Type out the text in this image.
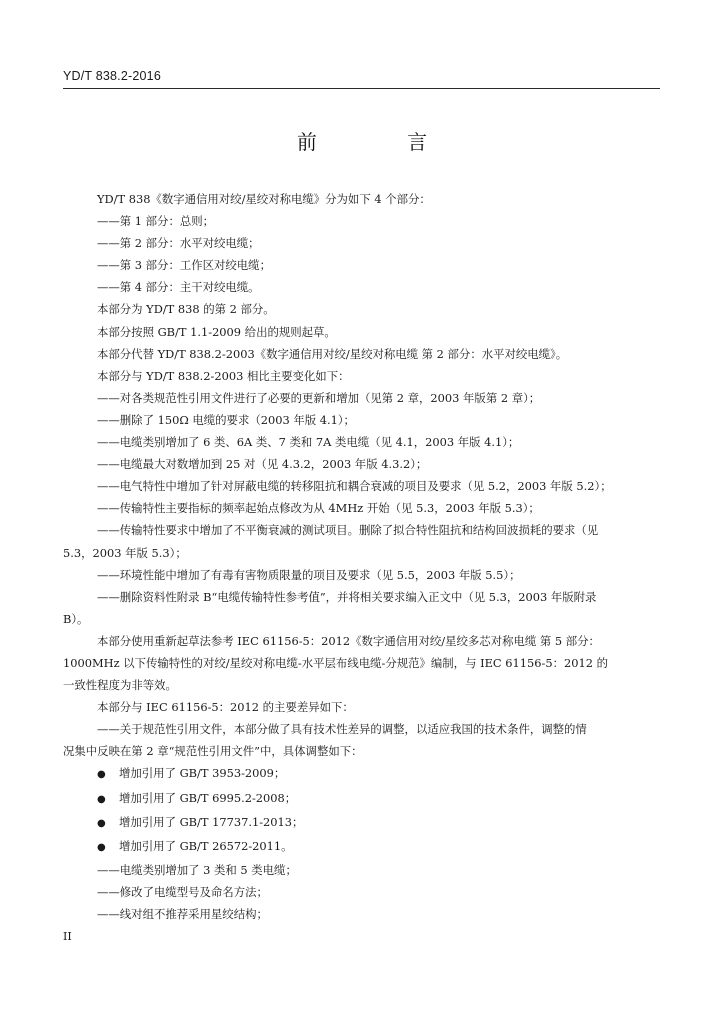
YD/T 838.2-2016
前 言
YD/T 838《数字通信用对绞/星绞对称电缆》分为如下 4 个部分：
——第 1 部分：总则；
——第 2 部分：水平对绞电缆；
——第 3 部分：工作区对绞电缆；
——第 4 部分：主干对绞电缆。
本部分为 YD/T 838 的第 2 部分。
本部分按照 GB/T 1.1-2009 给出的规则起草。
本部分代替 YD/T 838.2-2003《数字通信用对绞/星绞对称电缆 第 2 部分：水平对绞电缆》。
本部分与 YD/T 838.2-2003 相比主要变化如下：
——对各类规范性引用文件进行了必要的更新和增加（见第 2 章，2003 年版第 2 章）；
——删除了 150Ω 电缆的要求（2003 年版 4.1）；
——电缆类别增加了 6 类、6A 类、7 类和 7A 类电缆（见 4.1，2003 年版 4.1）；
——电缆最大对数增加到 25 对（见 4.3.2，2003 年版 4.3.2）；
——电气特性中增加了针对屏蔽电缆的转移阻抗和耦合衰减的项目及要求（见 5.2，2003 年版 5.2）；
——传输特性主要指标的频率起始点修改为从 4MHz 开始（见 5.3，2003 年版 5.3）；
——传输特性要求中增加了不平衡衰减的测试项目。删除了拟合特性阻抗和结构回波损耗的要求（见
5.3，2003 年版 5.3）；
——环境性能中增加了有毒有害物质限量的项目及要求（见 5.5，2003 年版 5.5）；
——删除资料性附录 B“电缆传输特性参考值”，并将相关要求编入正文中（见 5.3，2003 年版附录
B）。
本部分使用重新起草法参考 IEC 61156-5：2012《数字通信用对绞/星绞多芯对称电缆 第 5 部分：
1000MHz 以下传输特性的对绞/星绞对称电缆-水平层布线电缆-分规范》编制，与 IEC 61156-5：2012 的
一致性程度为非等效。
本部分与 IEC 61156-5：2012 的主要差异如下：
——关于规范性引用文件，本部分做了具有技术性差异的调整，以适应我国的技术条件，调整的情
况集中反映在第 2 章“规范性引用文件”中，具体调整如下：
● 增加引用了 GB/T 3953-2009；
● 增加引用了 GB/T 6995.2-2008；
● 增加引用了 GB/T 17737.1-2013；
● 增加引用了 GB/T 26572-2011。
——电缆类别增加了 3 类和 5 类电缆；
——修改了电缆型号及命名方法；
——线对组不推荐采用星绞结构；
II
